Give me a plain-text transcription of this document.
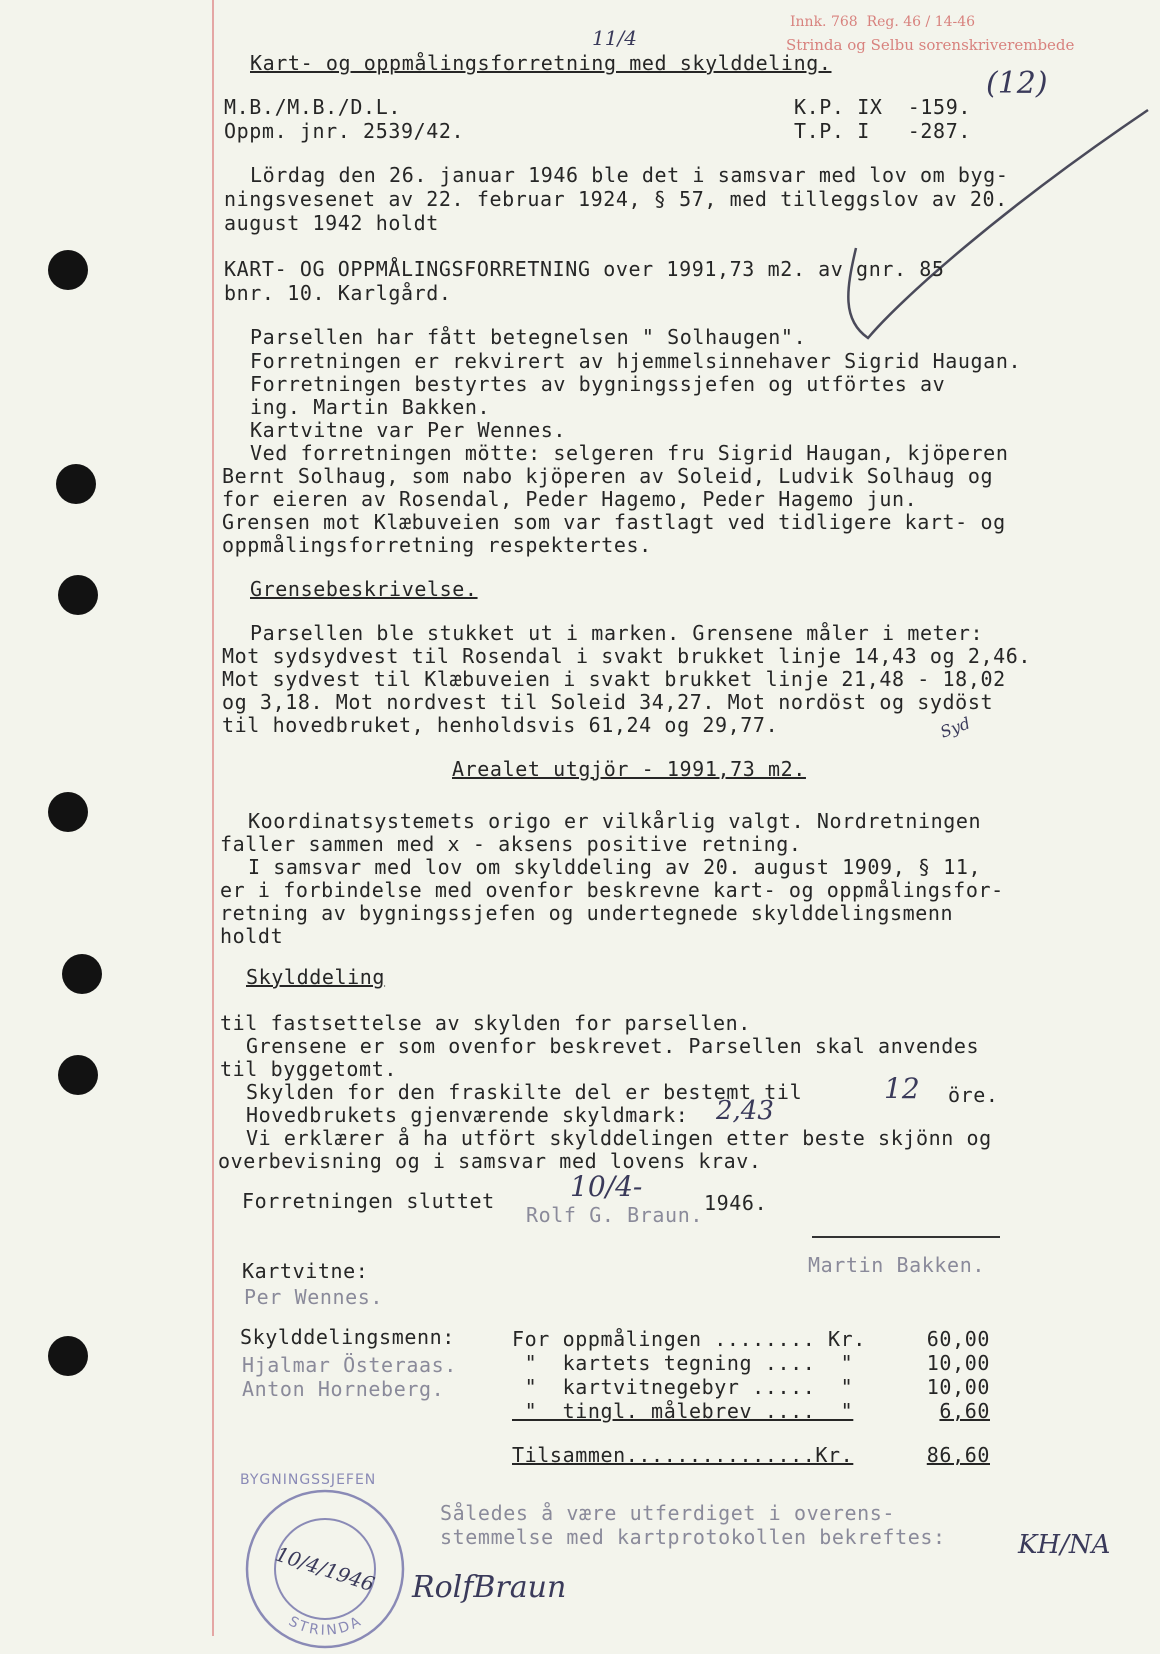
Innk. 768  Reg. 46 / 14-46
Strinda og Selbu sorenskriverembede
11/4
Kart- og oppmålingsforretning med skylddeling.
(12)
M.B./M.B./D.L.
Oppm. jnr. 2539/42.
K.P. IX  -159.
T.P. I   -287.
Lördag den 26. januar 1946 ble det i samsvar med lov om byg-
ningsvesenet av 22. februar 1924, § 57, med tilleggslov av 20.
august 1942 holdt
KART- OG OPPMÅLINGSFORRETNING over 1991,73 m2. av gnr. 85
bnr. 10. Karlgård.
Parsellen har fått betegnelsen " Solhaugen".
Forretningen er rekvirert av hjemmelsinnehaver Sigrid Haugan.
Forretningen bestyrtes av bygningssjefen og utförtes av
ing. Martin Bakken.
Kartvitne var Per Wennes.
Ved forretningen mötte: selgeren fru Sigrid Haugan, kjöperen
Bernt Solhaug, som nabo kjöperen av Soleid, Ludvik Solhaug og
for eieren av Rosendal, Peder Hagemo, Peder Hagemo jun.
Grensen mot Klæbuveien som var fastlagt ved tidligere kart- og
oppmålingsforretning respektertes.
Grensebeskrivelse.
Parsellen ble stukket ut i marken. Grensene måler i meter:
Mot sydsydvest til Rosendal i svakt brukket linje 14,43 og 2,46.
Mot sydvest til Klæbuveien i svakt brukket linje 21,48 - 18,02
og 3,18. Mot nordvest til Soleid 34,27. Mot nordöst og sydöst
til hovedbruket, henholdsvis 61,24 og 29,77.	Syd
Arealet utgjör - 1991,73 m2.
Koordinatsystemets origo er vilkårlig valgt. Nordretningen
faller sammen med x - aksens positive retning.
I samsvar med lov om skylddeling av 20. august 1909, § 11,
er i forbindelse med ovenfor beskrevne kart- og oppmålingsfor-
retning av bygningssjefen og undertegnede skylddelingsmenn
holdt
Skylddeling
til fastsettelse av skylden for parsellen.
Grensene er som ovenfor beskrevet. Parsellen skal anvendes
til byggetomt.
Skylden for den fraskilte del er bestemt til	12 öre.
Hovedbrukets gjenværende skyldmark: 2,43
Vi erklærer å ha utfört skylddelingen etter beste skjönn og
overbevisning og i samsvar med lovens krav.
Forretningen sluttet	10/4-	1946.
Rolf G. Braun.
Martin Bakken.
Kartvitne:
Per Wennes.
Skylddelingsmenn:
Hjalmar Österaas.
Anton Horneberg.
For oppmålingen ........ Kr.	60,00
"  kartets tegning ....  "	10,00
"  kartvitnegebyr .....  "	10,00
"  tingl. målebrev ....  "	6,60
Tilsammen...............Kr.	86,60
BYGNINGSSJEFEN
STRINDA
10/4/1946
Således å være utferdiget i overens-
stemmelse med kartprotokollen bekreftes:
RolfBraun
KH/NA
